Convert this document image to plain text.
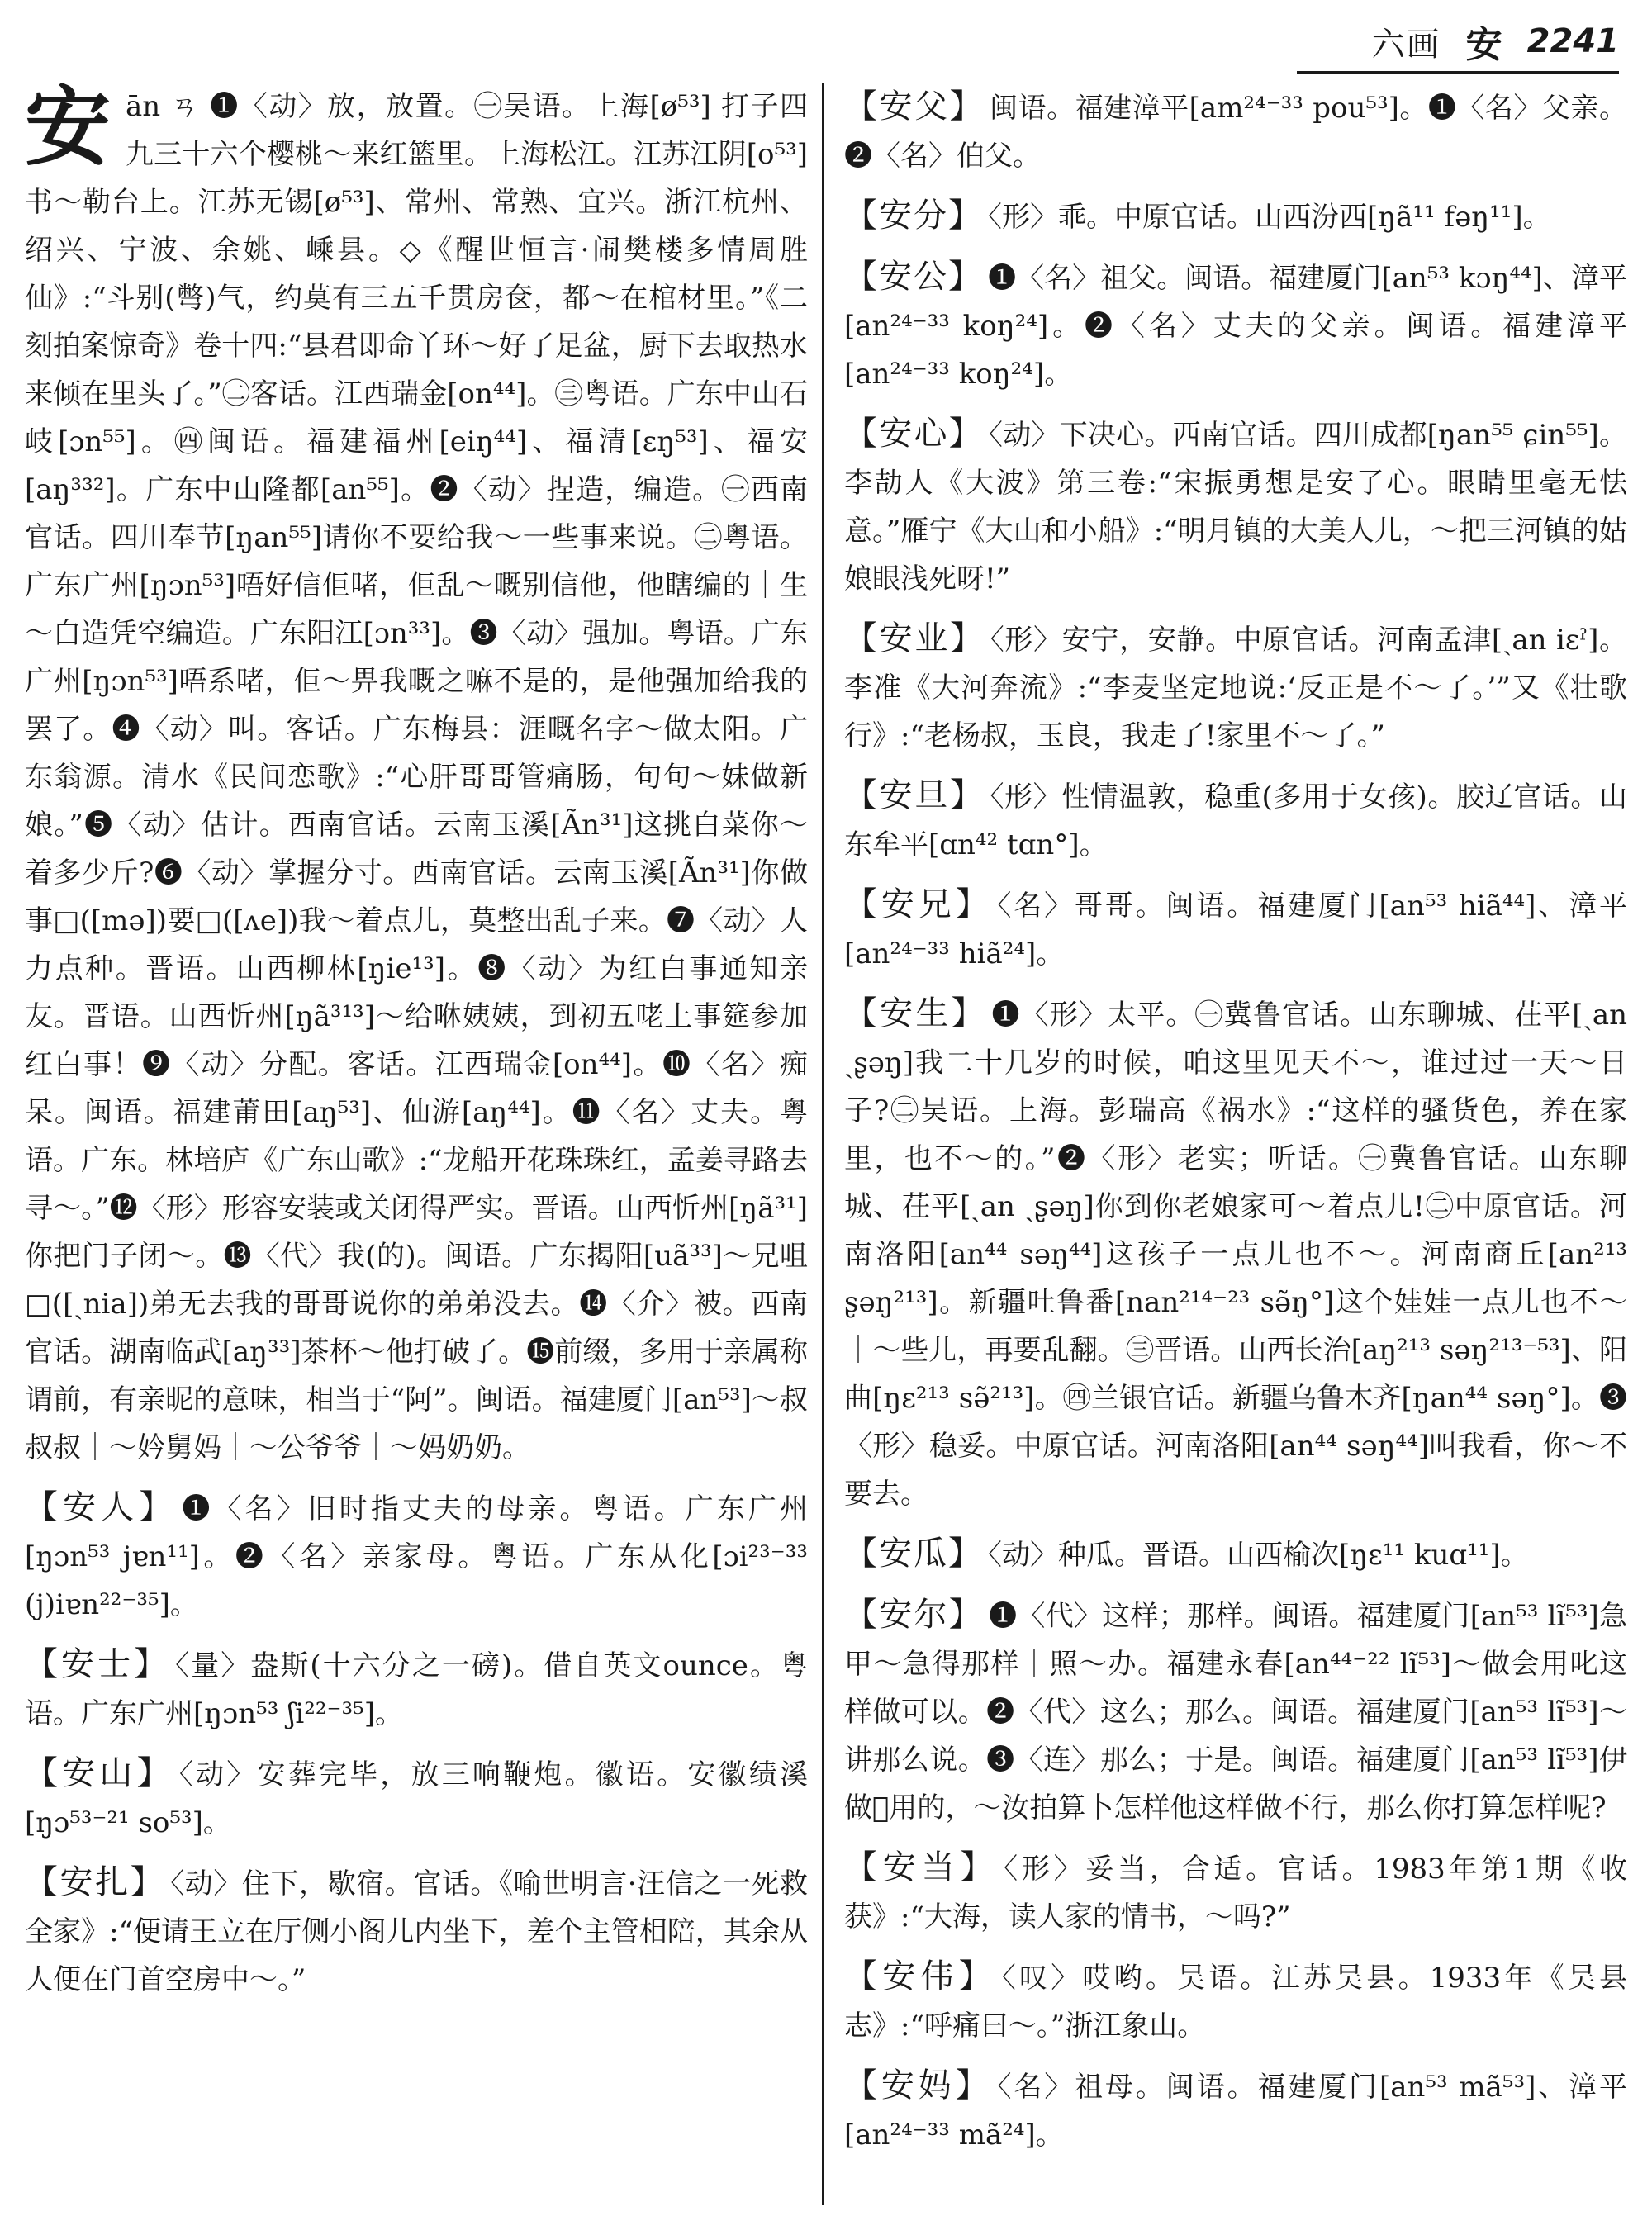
六画 安 2241

安 ān ㄢ ❶〈动〉放，放置。㊀吴语。上海[ø⁵³] 打子四九三十六个樱桃～来红篮里。上海松江。江苏江阴[o⁵³]书～勒台上。江苏无锡[ø⁵³]、常州、常熟、宜兴。浙江杭州、绍兴、宁波、余姚、嵊县。◇《醒世恒言·闹樊楼多情周胜仙》:“斗别(彆)气，约莫有三五千贯房奁，都～在棺材里。”《二刻拍案惊奇》卷十四:“县君即命丫环～好了足盆，厨下去取热水来倾在里头了。”㊁客话。江西瑞金[on⁴⁴]。㊂粤语。广东中山石岐[ɔn⁵⁵]。㊃闽语。福建福州[eiŋ⁴⁴]、福清[ɛŋ⁵³]、福安[aŋ³³²]。广东中山隆都[an⁵⁵]。❷〈动〉捏造，编造。㊀西南官话。四川奉节[ŋan⁵⁵]请你不要给我～一些事来说。㊁粤语。广东广州[ŋɔn⁵³]唔好信佢啫，佢乱～嘅别信他，他瞎编的｜生～白造凭空编造。广东阳江[ɔn³³]。❸〈动〉强加。粤语。广东广州[ŋɔn⁵³]唔系啫，佢～畀我嘅之嘛不是的，是他强加给我的罢了。❹〈动〉叫。客话。广东梅县：涯嘅名字～做太阳。广东翁源。清水《民间恋歌》:“心肝哥哥管痛肠，句句～妹做新娘。”❺〈动〉估计。西南官话。云南玉溪[Ãn³¹]这挑白菜你～着多少斤?❻〈动〉掌握分寸。西南官话。云南玉溪[Ãn³¹]你做事□([mə])要□([ʌe])我～着点儿，莫整出乱子来。❼〈动〉人力点种。晋语。山西柳林[ŋie¹³]。❽〈动〉为红白事通知亲友。晋语。山西忻州[ŋã³¹³]～给咻姨姨，到初五咾上事筵参加红白事！❾〈动〉分配。客话。江西瑞金[on⁴⁴]。❿〈名〉痴呆。闽语。福建莆田[aŋ⁵³]、仙游[aŋ⁴⁴]。⓫〈名〉丈夫。粤语。广东。林培庐《广东山歌》:“龙船开花珠珠红，孟姜寻路去寻～。”⓬〈形〉形容安装或关闭得严实。晋语。山西忻州[ŋã³¹]你把门子闭～。⓭〈代〉我(的)。闽语。广东揭阳[uã³³]～兄咀□([ˏnia])弟无去我的哥哥说你的弟弟没去。⓮〈介〉被。西南官话。湖南临武[aŋ³³]茶杯～他打破了。⓯前缀，多用于亲属称谓前，有亲昵的意味，相当于“阿”。闽语。福建厦门[an⁵³]～叔叔叔｜～妗舅妈｜～公爷爷｜～妈奶奶。

【安人】 ❶〈名〉旧时指丈夫的母亲。粤语。广东广州[ŋɔn⁵³ jɐn¹¹]。❷〈名〉亲家母。粤语。广东从化[ɔi²³⁻³³ (j)iɐn²²⁻³⁵]。

【安士】 〈量〉盎斯(十六分之一磅)。借自英文ounce。粤语。广东广州[ŋɔn⁵³ ʃi²²⁻³⁵]。

【安山】 〈动〉安葬完毕，放三响鞭炮。徽语。安徽绩溪[ŋɔ⁵³⁻²¹ so⁵³]。

【安扎】 〈动〉住下，歇宿。官话。《喻世明言·汪信之一死救全家》:“便请王立在厅侧小阁儿内坐下，差个主管相陪，其余从人便在门首空房中～。”

【安父】 闽语。福建漳平[am²⁴⁻³³ pou⁵³]。❶〈名〉父亲。❷〈名〉伯父。

【安分】 〈形〉乖。中原官话。山西汾西[ŋã¹¹ fəŋ¹¹]。

【安公】 ❶〈名〉祖父。闽语。福建厦门[an⁵³ kɔŋ⁴⁴]、漳平[an²⁴⁻³³ koŋ²⁴]。❷〈名〉丈夫的父亲。闽语。福建漳平[an²⁴⁻³³ koŋ²⁴]。

【安心】 〈动〉下决心。西南官话。四川成都[ŋan⁵⁵ ɕin⁵⁵]。李劼人《大波》第三卷:“宋振勇想是安了心。眼睛里毫无怯意。”雁宁《大山和小船》:“明月镇的大美人儿，～把三河镇的姑娘眼浅死呀!”

【安业】 〈形〉安宁，安静。中原官话。河南孟津[ˏan iɛˀ]。李准《大河奔流》:“李麦坚定地说:‘反正是不～了。’”又《壮歌行》:“老杨叔，玉良，我走了!家里不～了。”

【安旦】 〈形〉性情温敦，稳重(多用于女孩)。胶辽官话。山东牟平[ɑn⁴² tɑn°]。

【安兄】 〈名〉哥哥。闽语。福建厦门[an⁵³ hiã⁴⁴]、漳平[an²⁴⁻³³ hiã²⁴]。

【安生】 ❶〈形〉太平。㊀冀鲁官话。山东聊城、茌平[ˏan ˏʂəŋ]我二十几岁的时候，咱这里见天不～，谁过过一天～日子?㊁吴语。上海。彭瑞高《祸水》:“这样的骚货色，养在家里，也不～的。”❷〈形〉老实；听话。㊀冀鲁官话。山东聊城、茌平[ˏan ˏʂəŋ]你到你老娘家可～着点儿!㊁中原官话。河南洛阳[an⁴⁴ səŋ⁴⁴]这孩子一点儿也不～。河南商丘[an²¹³ ʂəŋ²¹³]。新疆吐鲁番[nan²¹⁴⁻²³ sə̃ŋ°]这个娃娃一点儿也不～｜～些儿，再要乱翻。㊂晋语。山西长治[aŋ²¹³ səŋ²¹³⁻⁵³]、阳曲[ŋɛ²¹³ sə̃²¹³]。㊃兰银官话。新疆乌鲁木齐[ŋan⁴⁴ səŋ°]。❸〈形〉稳妥。中原官话。河南洛阳[an⁴⁴ səŋ⁴⁴]叫我看，你～不要去。

【安瓜】 〈动〉种瓜。晋语。山西榆次[ŋɛ¹¹ kuɑ¹¹]。

【安尔】 ❶〈代〉这样；那样。闽语。福建厦门[an⁵³ lĩ⁵³]急甲～急得那样｜照～办。福建永春[an⁴⁴⁻²² lĩ⁵³]～做会用叱这样做可以。❷〈代〉这么；那么。闽语。福建厦门[an⁵³ lĩ⁵³]～讲那么说。❸〈连〉那么；于是。闽语。福建厦门[an⁵³ lĩ⁵³]伊做𫟛用的，～汝拍算卜怎样他这样做不行，那么你打算怎样呢?

【安当】 〈形〉妥当，合适。官话。1983年第1期《收获》:“大海，读人家的情书，～吗?”

【安伟】 〈叹〉哎哟。吴语。江苏吴县。1933年《吴县志》:“呼痛曰～。”浙江象山。

【安妈】 〈名〉祖母。闽语。福建厦门[an⁵³ mã⁵³]、漳平[an²⁴⁻³³ mã²⁴]。
